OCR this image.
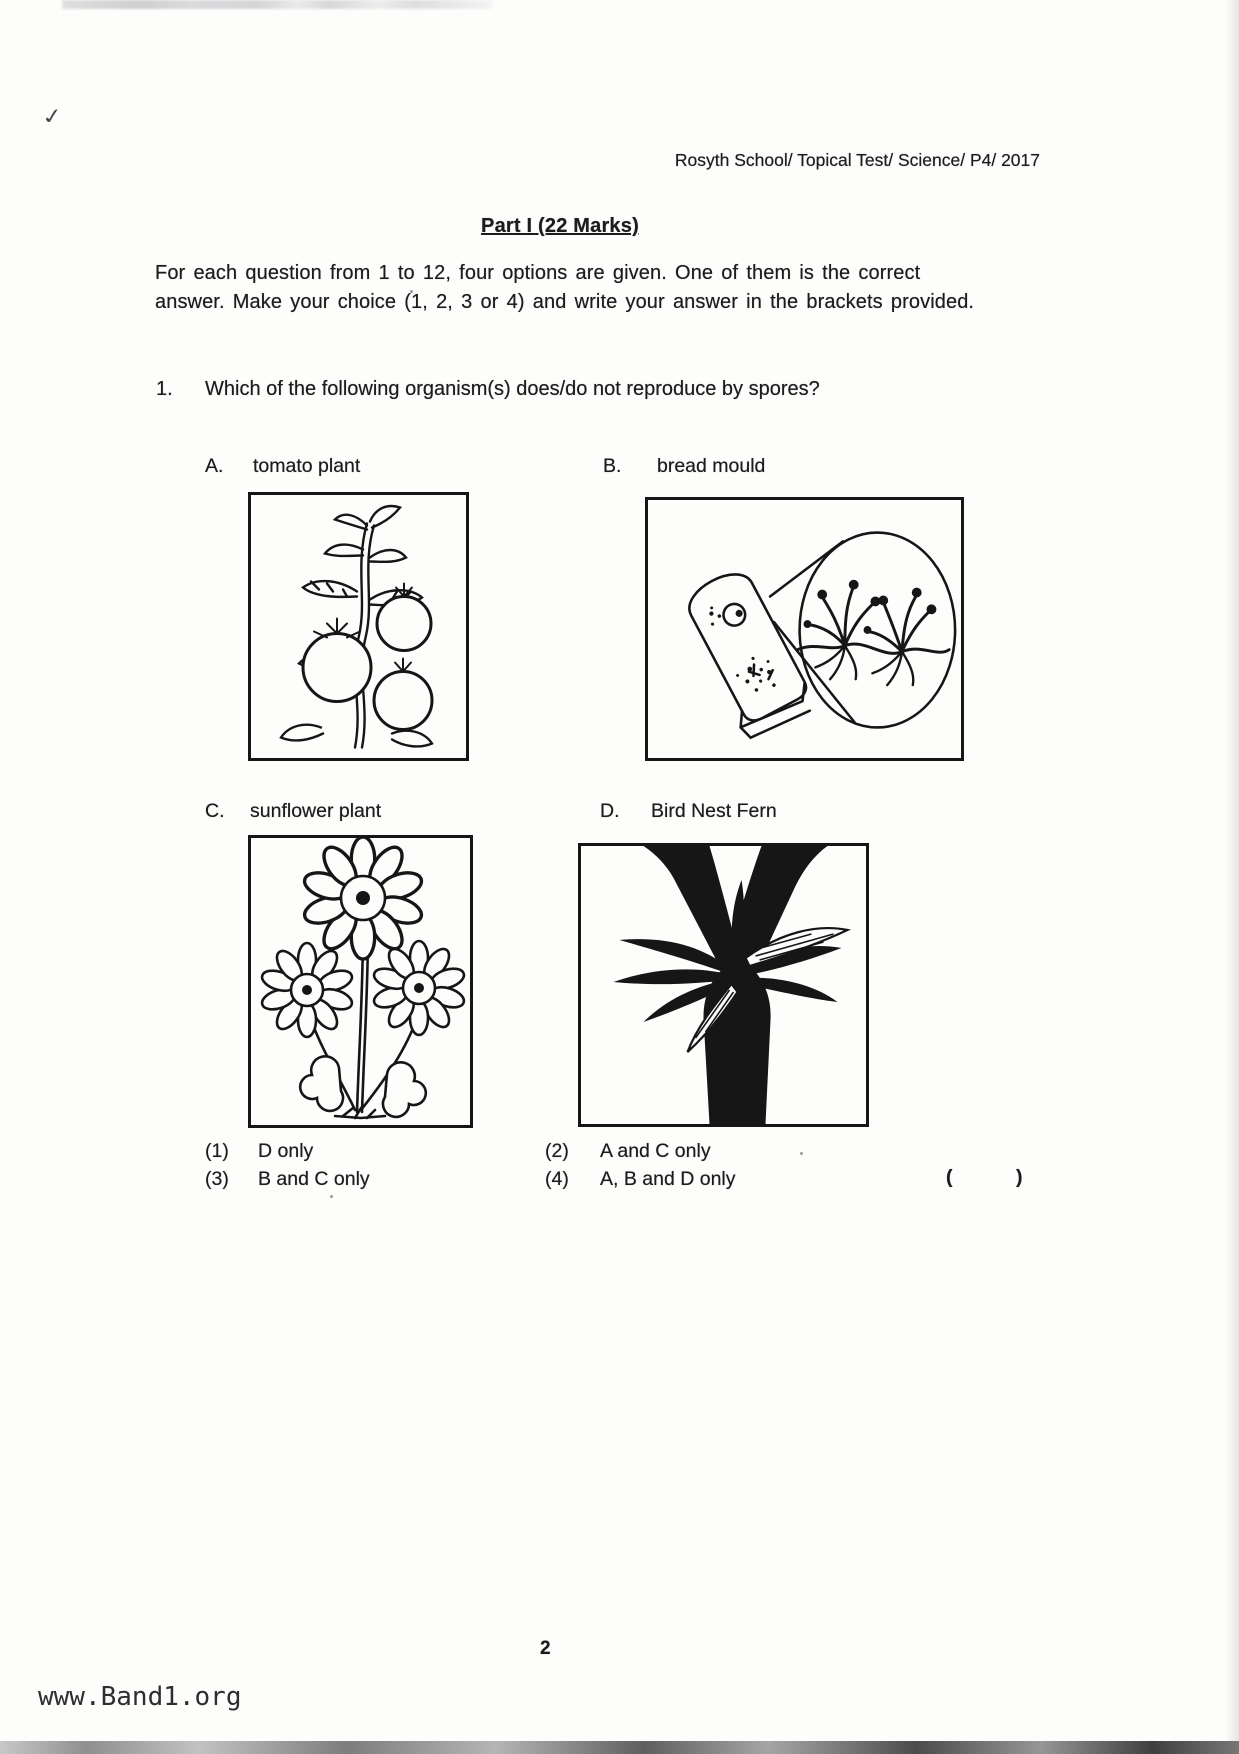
✓
Rosyth School/ Topical Test/ Science/ P4/ 2017
Part I (22 Marks)
For each question from 1 to 12, four options are given. One of them is the correct
answer. Make your choice (1, 2, 3 or 4) and write your answer in the brackets provided.
1. Which of the following organism(s) does/do not reproduce by spores?
A. tomato plant	B. bread mould
C. sunflower plant	D. Bird Nest Fern
(1) D only	(2) A and C only
(3) B and C only	(4) A, B and D only	(	)
2
www.Band1.org
